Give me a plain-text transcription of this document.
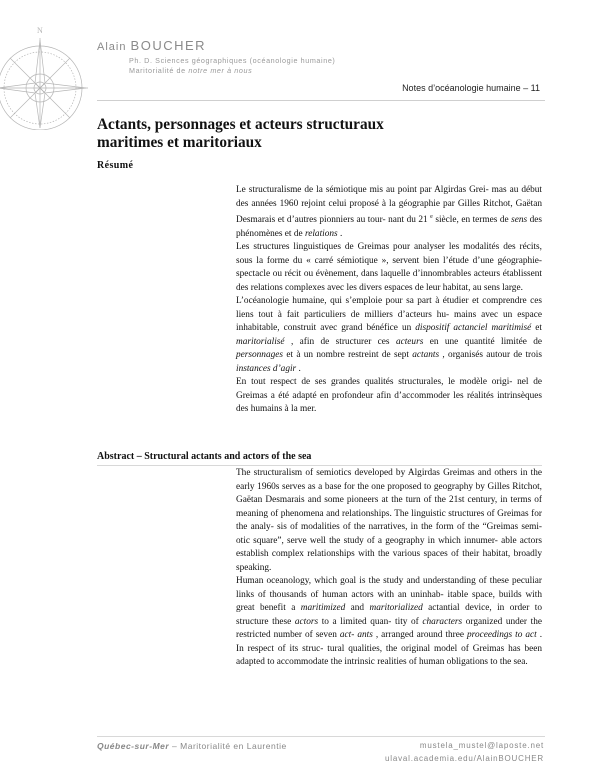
N
Alain BOUCHER
Ph. D. Sciences géographiques (océanologie humaine)
Maritorialité de notre mer à nous
Notes d’océanologie humaine – 11
Actants, personnages et acteurs structuraux
maritimes et maritoriaux
Résumé

Le structuralisme de la sémiotique mis au point par Algirdas Grei- mas au début des années 1960 rejoint celui proposé à la géographie par Gilles Ritchot, Gaëtan Desmarais et d’autres pionniers au tour- nant du 21 $^e$ siècle, en termes de sens des phénomènes et de relations .

Les structures linguistiques de Greimas pour analyser les modalités des récits, sous la forme du « carré sémiotique », servent bien l’étude d’une géographie-spectacle ou récit ou évènement, dans laquelle d’innombrables acteurs établissent des relations complexes avec les divers espaces de leur habitat, au sens large.

L’océanologie humaine, qui s’emploie pour sa part à étudier et comprendre ces liens tout à fait particuliers de milliers d’acteurs hu- mains avec un espace inhabitable, construit avec grand bénéfice un dispositif actanciel maritimisé et maritorialisé , afin de structurer ces acteurs en une quantité limitée de personnages et à un nombre restreint de sept actants , organisés autour de trois instances d’agir .

En tout respect de ses grandes qualités structurales, le modèle origi- nel de Greimas a été adapté en profondeur afin d’accommoder les réalités intrinsèques des humains à la mer.

Abstract – Structural actants and actors of the sea

The structuralism of semiotics developed by Algirdas Greimas and others in the early 1960s serves as a base for the one proposed to geography by Gilles Ritchot, Gaëtan Desmarais and some pioneers at the turn of the 21st century, in terms of meaning of phenomena and relationships. The linguistic structures of Greimas for the analy- sis of modalities of the narratives, in the form of the “Greimas semi- otic square”, serve well the study of a geography in which innumer- able actors establish complex relationships with the various spaces of their habitat, broadly speaking.

Human oceanology, which goal is the study and understanding of these peculiar links of thousands of human actors with an uninhab- itable space, builds with great benefit a maritimized and maritorialized actantial device, in order to structure these actors to a limited quan- tity of characters organized under the restricted number of seven act- ants , arranged around three proceedings to act . In respect of its struc- tural qualities, the original model of Greimas has been adapted to accommodate the intrinsic realities of human obligations to the sea.

Québec-sur-Mer – Maritorialité en Laurentie	mustela_mustel@laposte.net
ulaval.academia.edu/AlainBOUCHER
